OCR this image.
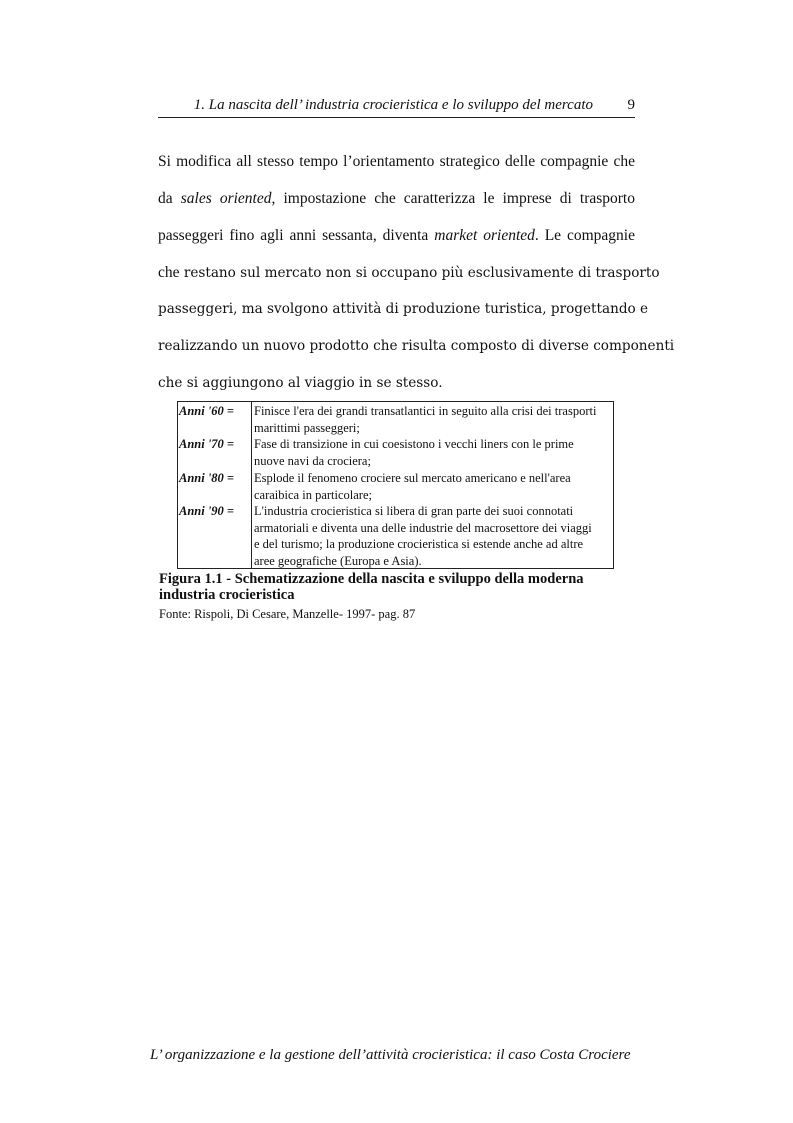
1. La nascita dell’ industria crocieristica e lo sviluppo del mercato 9
Si modifica all stesso tempo l’orientamento strategico delle compagnie che
da sales oriented, impostazione che caratterizza le imprese di trasporto
passeggeri fino agli anni sessanta, diventa market oriented. Le compagnie
che restano sul mercato non si occupano più esclusivamente di trasporto
passeggeri, ma svolgono attività di produzione turistica, progettando e
realizzando un nuovo prodotto che risulta composto di diverse componenti
che si aggiungono al viaggio in se stesso.
Anni '60 =	Finisce l'era dei grandi transatlantici in seguito alla crisi dei trasporti
marittimi passeggeri;
Anni '70 =	Fase di transizione in cui coesistono i vecchi liners con le prime
nuove navi da crociera;
Anni '80 =	Esplode il fenomeno crociere sul mercato americano e nell'area
caraibica in particolare;
Anni '90 =	L'industria crocieristica si libera di gran parte dei suoi connotati
armatoriali e diventa una delle industrie del macrosettore dei viaggi
e del turismo; la produzione crocieristica si estende anche ad altre
aree geografiche (Europa e Asia).
Figura 1.1 - Schematizzazione della nascita e sviluppo della moderna industria crocieristica
Fonte: Rispoli, Di Cesare, Manzelle- 1997- pag. 87
L’ organizzazione e la gestione dell’attività crocieristica: il caso Costa Crociere
